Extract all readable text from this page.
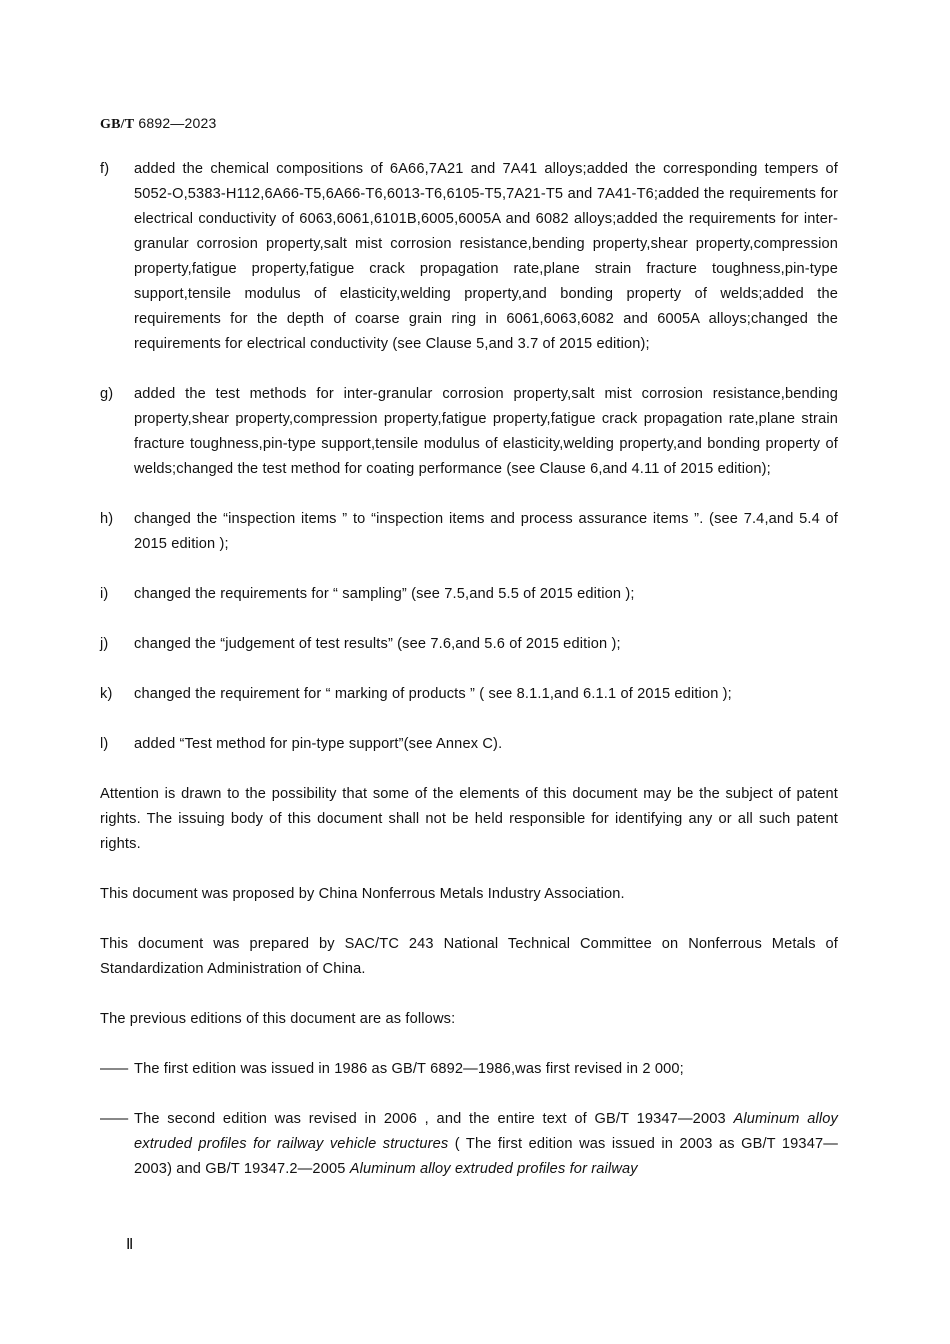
GB/T 6892—2023
f) added the chemical compositions of 6A66,7A21 and 7A41 alloys;added the corresponding tempers of 5052-O,5383-H112,6A66-T5,6A66-T6,6013-T6,6105-T5,7A21-T5 and 7A41-T6;added the requirements for electrical conductivity of 6063,6061,6101B,6005,6005A and 6082 alloys;added the requirements for inter-granular corrosion property,salt mist corrosion resistance,bending property,shear property,compression property,fatigue property,fatigue crack propagation rate,plane strain fracture toughness,pin-type support,tensile modulus of elasticity,welding property,and bonding property of welds;added the requirements for the depth of coarse grain ring in 6061,6063,6082 and 6005A alloys;changed the requirements for electrical conductivity (see Clause 5,and 3.7 of 2015 edition);
g) added the test methods for inter-granular corrosion property,salt mist corrosion resistance,bending property,shear property,compression property,fatigue property,fatigue crack propagation rate,plane strain fracture toughness,pin-type support,tensile modulus of elasticity,welding property,and bonding property of welds;changed the test method for coating performance (see Clause 6,and 4.11 of 2015 edition);
h) changed the “inspection items ” to “inspection items and process assurance items ”. (see 7.4,and 5.4 of 2015 edition );
i) changed the requirements for “ sampling” (see 7.5,and 5.5 of 2015 edition );
j) changed the “judgement of test results” (see 7.6,and 5.6 of 2015 edition );
k) changed the requirement for “ marking of products ” ( see 8.1.1,and 6.1.1 of 2015 edition );
l) added “Test method for pin-type support”(see Annex C).
Attention is drawn to the possibility that some of the elements of this document may be the subject of patent rights. The issuing body of this document shall not be held responsible for identifying any or all such patent rights.
This document was proposed by China Nonferrous Metals Industry Association.
This document was prepared by SAC/TC 243 National Technical Committee on Nonferrous Metals of Standardization Administration of China.
The previous editions of this document are as follows:
—— The first edition was issued in 1986 as GB/T 6892—1986,was first revised in 2 000;
—— The second edition was revised in 2006 , and the entire text of GB/T 19347—2003 Aluminum alloy extruded profiles for railway vehicle structures ( The first edition was issued in 2003 as GB/T 19347—2003) and GB/T 19347.2—2005 Aluminum alloy extruded profiles for railway
Ⅱ
